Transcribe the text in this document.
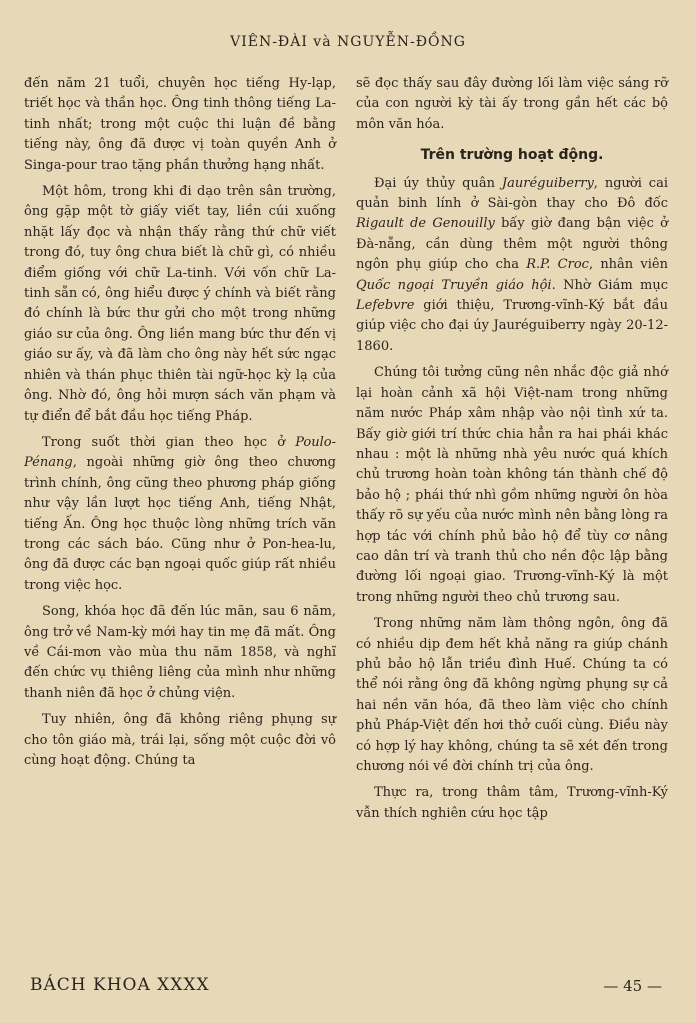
VIÊN-ĐÀI và NGUYỄN-ĐỒNG

đến năm 21 tuổi, chuyên học tiếng Hy-lạp, triết học và thần học. Ông tinh thông tiếng La-tinh nhất; trong một cuộc thi luận đề bằng tiếng này, ông đã được vị toàn quyền Anh ở Singa-pour trao tặng phần thưởng hạng nhất.

Một hôm, trong khi đi dạo trên sân trường, ông gặp một tờ giấy viết tay, liền cúi xuống nhặt lấy đọc và nhận thấy rằng thứ chữ viết trong đó, tuy ông chưa biết là chữ gì, có nhiều điểm giống với chữ La-tinh. Với vốn chữ La-tinh sẵn có, ông hiểu được ý chính và biết rằng đó chính là bức thư gửi cho một trong những giáo sư của ông. Ông liền mang bức thư đến vị giáo sư ấy, và đã làm cho ông này hết sức ngạc nhiên và thán phục thiên tài ngữ-học kỳ lạ của ông. Nhờ đó, ông hỏi mượn sách văn phạm và tự điển để bắt đầu học tiếng Pháp.

Trong suốt thời gian theo học ở Poulo-Pénang, ngoài những giờ ông theo chương trình chính, ông cũng theo phương pháp giống như vậy lần lượt học tiếng Anh, tiếng Nhật, tiếng Ấn. Ông học thuộc lòng những trích văn trong các sách báo. Cũng như ở Pon-hea-lu, ông đã được các bạn ngoại quốc giúp rất nhiều trong việc học.

Song, khóa học đã đến lúc mãn, sau 6 năm, ông trở về Nam-kỳ mới hay tin mẹ đã mất. Ông về Cái-mơn vào mùa thu năm 1858, và nghĩ đến chức vụ thiêng liêng của mình như những thanh niên đã học ở chủng viện.

Tuy nhiên, ông đã không riêng phụng sự cho tôn giáo mà, trái lại, sống một cuộc đời vô cùng hoạt động. Chúng ta

sẽ đọc thấy sau đây đường lối làm việc sáng rỡ của con người kỳ tài ấy trong gần hết các bộ môn văn hóa.

Trên trường hoạt động.

Đại úy thủy quân Jauréguiberry, người cai quản binh lính ở Sài-gòn thay cho Đô đốc Rigault de Genouilly bấy giờ đang bận việc ở Đà-nẵng, cần dùng thêm một người thông ngôn phụ giúp cho cha R.P. Croc, nhân viên Quốc ngoại Truyền giáo hội. Nhờ Giám mục Lefebvre giới thiệu, Trương-vĩnh-Ký bắt đầu giúp việc cho đại úy Jauréguiberry ngày 20-12-1860.

Chúng tôi tưởng cũng nên nhắc độc giả nhớ lại hoàn cảnh xã hội Việt-nam trong những năm nước Pháp xâm nhập vào nội tình xứ ta. Bấy giờ giới trí thức chia hẳn ra hai phái khác nhau : một là những nhà yêu nước quá khích chủ trương hoàn toàn không tán thành chế độ bảo hộ ; phái thứ nhì gồm những người ôn hòa thấy rõ sự yếu của nước mình nên bằng lòng ra hợp tác với chính phủ bảo hộ để tùy cơ nâng cao dân trí và tranh thủ cho nền độc lập bằng đường lối ngoại giao. Trương-vĩnh-Ký là một trong những người theo chủ trương sau.

Trong những năm làm thông ngôn, ông đã có nhiều dịp đem hết khả năng ra giúp chánh phủ bảo hộ lẫn triều đình Huế. Chúng ta có thể nói rằng ông đã không ngừng phụng sự cả hai nền văn hóa, đã theo làm việc cho chính phủ Pháp-Việt đến hơi thở cuối cùng. Điều này có hợp lý hay không, chúng ta sẽ xét đến trong chương nói về đời chính trị của ông.

Thực ra, trong thâm tâm, Trương-vĩnh-Ký vẫn thích nghiên cứu học tập

BÁCH KHOA XXXX	— 45 —
